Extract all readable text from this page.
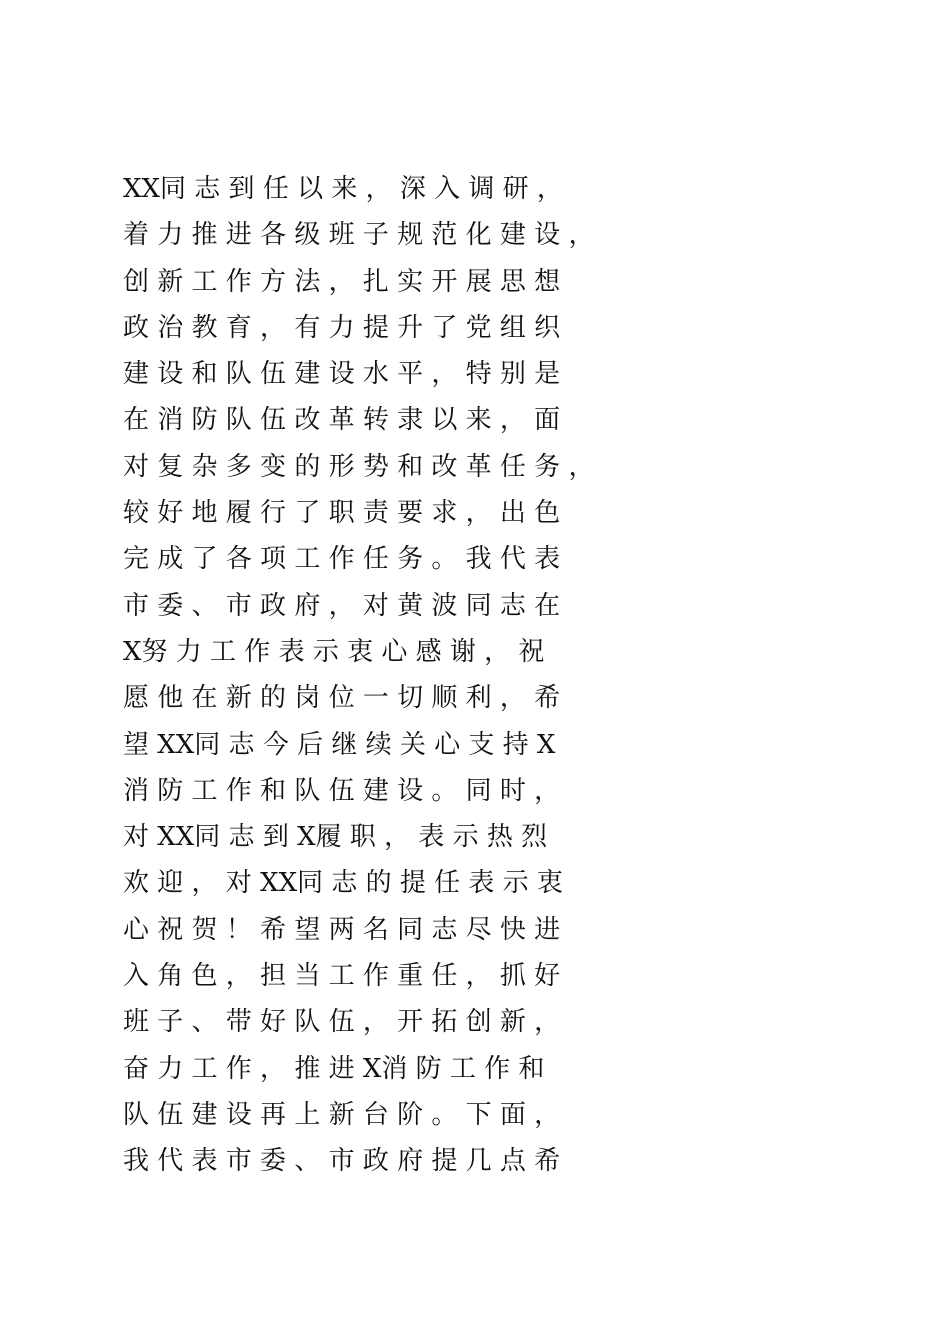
XX同 志 到 任 以 来 ， 深 入 调 研 ，
着 力 推 进 各 级 班 子 规 范 化 建 设 ，
创 新 工 作 方 法 ， 扎 实 开 展 思 想
政 治 教 育 ， 有 力 提 升 了 党 组 织
建 设 和 队 伍 建 设 水 平 ， 特 别 是
在 消 防 队 伍 改 革 转 隶 以 来 ， 面
对 复 杂 多 变 的 形 势 和 改 革 任 务 ，
较 好 地 履 行 了 职 责 要 求 ， 出 色
完 成 了 各 项 工 作 任 务 。 我 代 表
市 委 、 市 政 府 ， 对 黄 波 同 志 在
X努 力 工 作 表 示 衷 心 感 谢 ， 祝
愿 他 在 新 的 岗 位 一 切 顺 利 ， 希
望 XX同 志 今 后 继 续 关 心 支 持 X
消 防 工 作 和 队 伍 建 设 。 同 时 ，
对 XX同 志 到 X履 职 ， 表 示 热 烈
欢 迎 ， 对 XX同 志 的 提 任 表 示 衷
心 祝 贺 ！ 希 望 两 名 同 志 尽 快 进
入 角 色 ， 担 当 工 作 重 任 ， 抓 好
班 子 、 带 好 队 伍 ， 开 拓 创 新 ，
奋 力 工 作 ， 推 进 X消 防 工 作 和
队 伍 建 设 再 上 新 台 阶 。 下 面 ，
我 代 表 市 委 、 市 政 府 提 几 点 希
